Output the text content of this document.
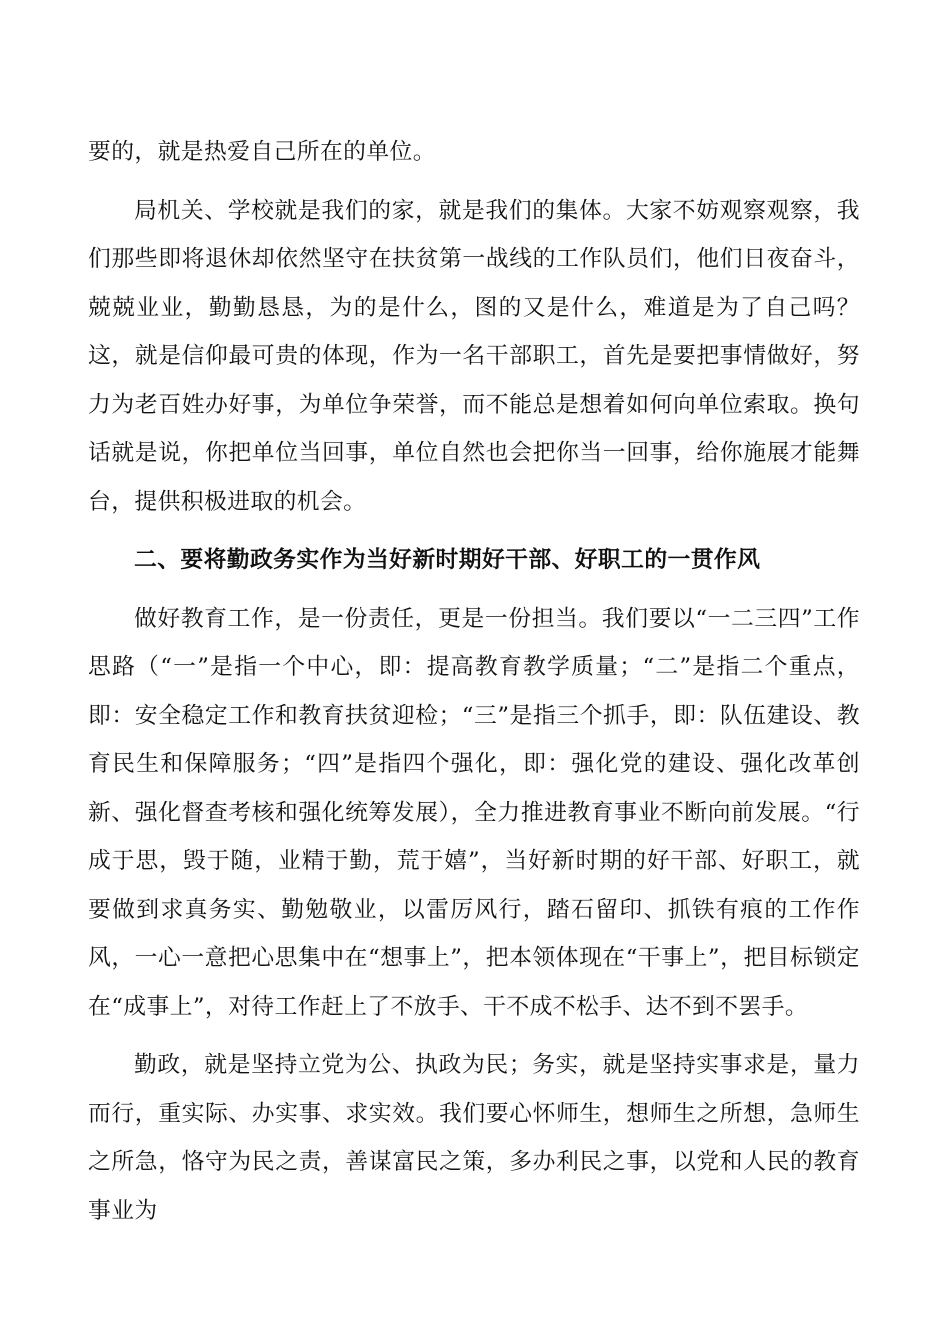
要的，就是热爱自己所在的单位。

局机关、学校就是我们的家，就是我们的集体。大家不妨观察观察，我们那些即将退休却依然坚守在扶贫第一战线的工作队员们，他们日夜奋斗，兢兢业业，勤勤恳恳，为的是什么，图的又是什么，难道是为了自己吗？这，就是信仰最可贵的体现，作为一名干部职工，首先是要把事情做好，努力为老百姓办好事，为单位争荣誉，而不能总是想着如何向单位索取。换句话就是说，你把单位当回事，单位自然也会把你当一回事，给你施展才能舞台，提供积极进取的机会。

二、要将勤政务实作为当好新时期好干部、好职工的一贯作风

做好教育工作，是一份责任，更是一份担当。我们要以“一二三四”工作思路（“一”是指一个中心，即：提高教育教学质量；“二”是指二个重点，即：安全稳定工作和教育扶贫迎检；“三”是指三个抓手，即：队伍建设、教育民生和保障服务；“四”是指四个强化，即：强化党的建设、强化改革创新、强化督查考核和强化统筹发展），全力推进教育事业不断向前发展。“行成于思，毁于随，业精于勤，荒于嬉”，当好新时期的好干部、好职工，就要做到求真务实、勤勉敬业，以雷厉风行，踏石留印、抓铁有痕的工作作风，一心一意把心思集中在“想事上”，把本领体现在“干事上”，把目标锁定在“成事上”，对待工作赶上了不放手、干不成不松手、达不到不罢手。

勤政，就是坚持立党为公、执政为民；务实，就是坚持实事求是，量力而行，重实际、办实事、求实效。我们要心怀师生，想师生之所想，急师生之所急，恪守为民之责，善谋富民之策，多办利民之事，以党和人民的教育事业为
